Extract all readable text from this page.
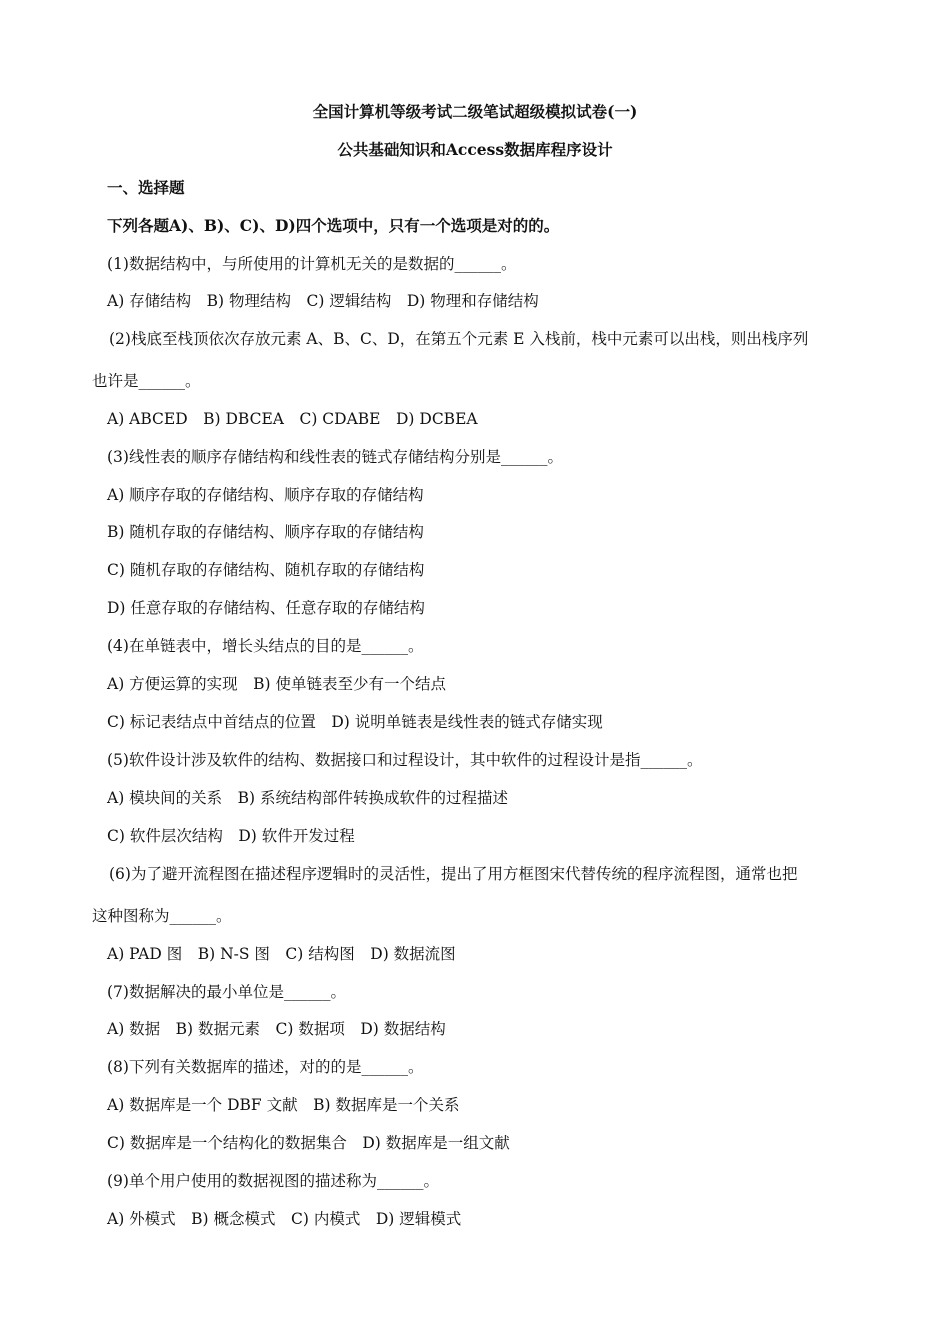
全国计算机等级考试二级笔试超级模拟试卷(一)
公共基础知识和Access数据库程序设计
一、选择题
下列各题A)、B)、C)、D)四个选项中，只有一个选项是对的的。
(1)数据结构中，与所使用的计算机无关的是数据的______。
A) 存储结构　B) 物理结构　C) 逻辑结构　D) 物理和存储结构
(2)栈底至栈顶依次存放元素 A、B、C、D，在第五个元素 E 入栈前，栈中元素可以出栈，则出栈序列
也许是______。
A) ABCED　B) DBCEA　C) CDABE　D) DCBEA
(3)线性表的顺序存储结构和线性表的链式存储结构分别是______。
A) 顺序存取的存储结构、顺序存取的存储结构
B) 随机存取的存储结构、顺序存取的存储结构
C) 随机存取的存储结构、随机存取的存储结构
D) 任意存取的存储结构、任意存取的存储结构
(4)在单链表中，增长头结点的目的是______。
A) 方便运算的实现　B) 使单链表至少有一个结点
C) 标记表结点中首结点的位置　D) 说明单链表是线性表的链式存储实现
(5)软件设计涉及软件的结构、数据接口和过程设计，其中软件的过程设计是指______。
A) 模块间的关系　B) 系统结构部件转换成软件的过程描述
C) 软件层次结构　D) 软件开发过程
(6)为了避开流程图在描述程序逻辑时的灵活性，提出了用方框图宋代替传统的程序流程图，通常也把
这种图称为______。
A) PAD 图　B) N-S 图　C) 结构图　D) 数据流图
(7)数据解决的最小单位是______。
A) 数据　B) 数据元素　C) 数据项　D) 数据结构
(8)下列有关数据库的描述，对的的是______。
A) 数据库是一个 DBF 文献　B) 数据库是一个关系
C) 数据库是一个结构化的数据集合　D) 数据库是一组文献
(9)单个用户使用的数据视图的描述称为______。
A) 外模式　B) 概念模式　C) 内模式　D) 逻辑模式
